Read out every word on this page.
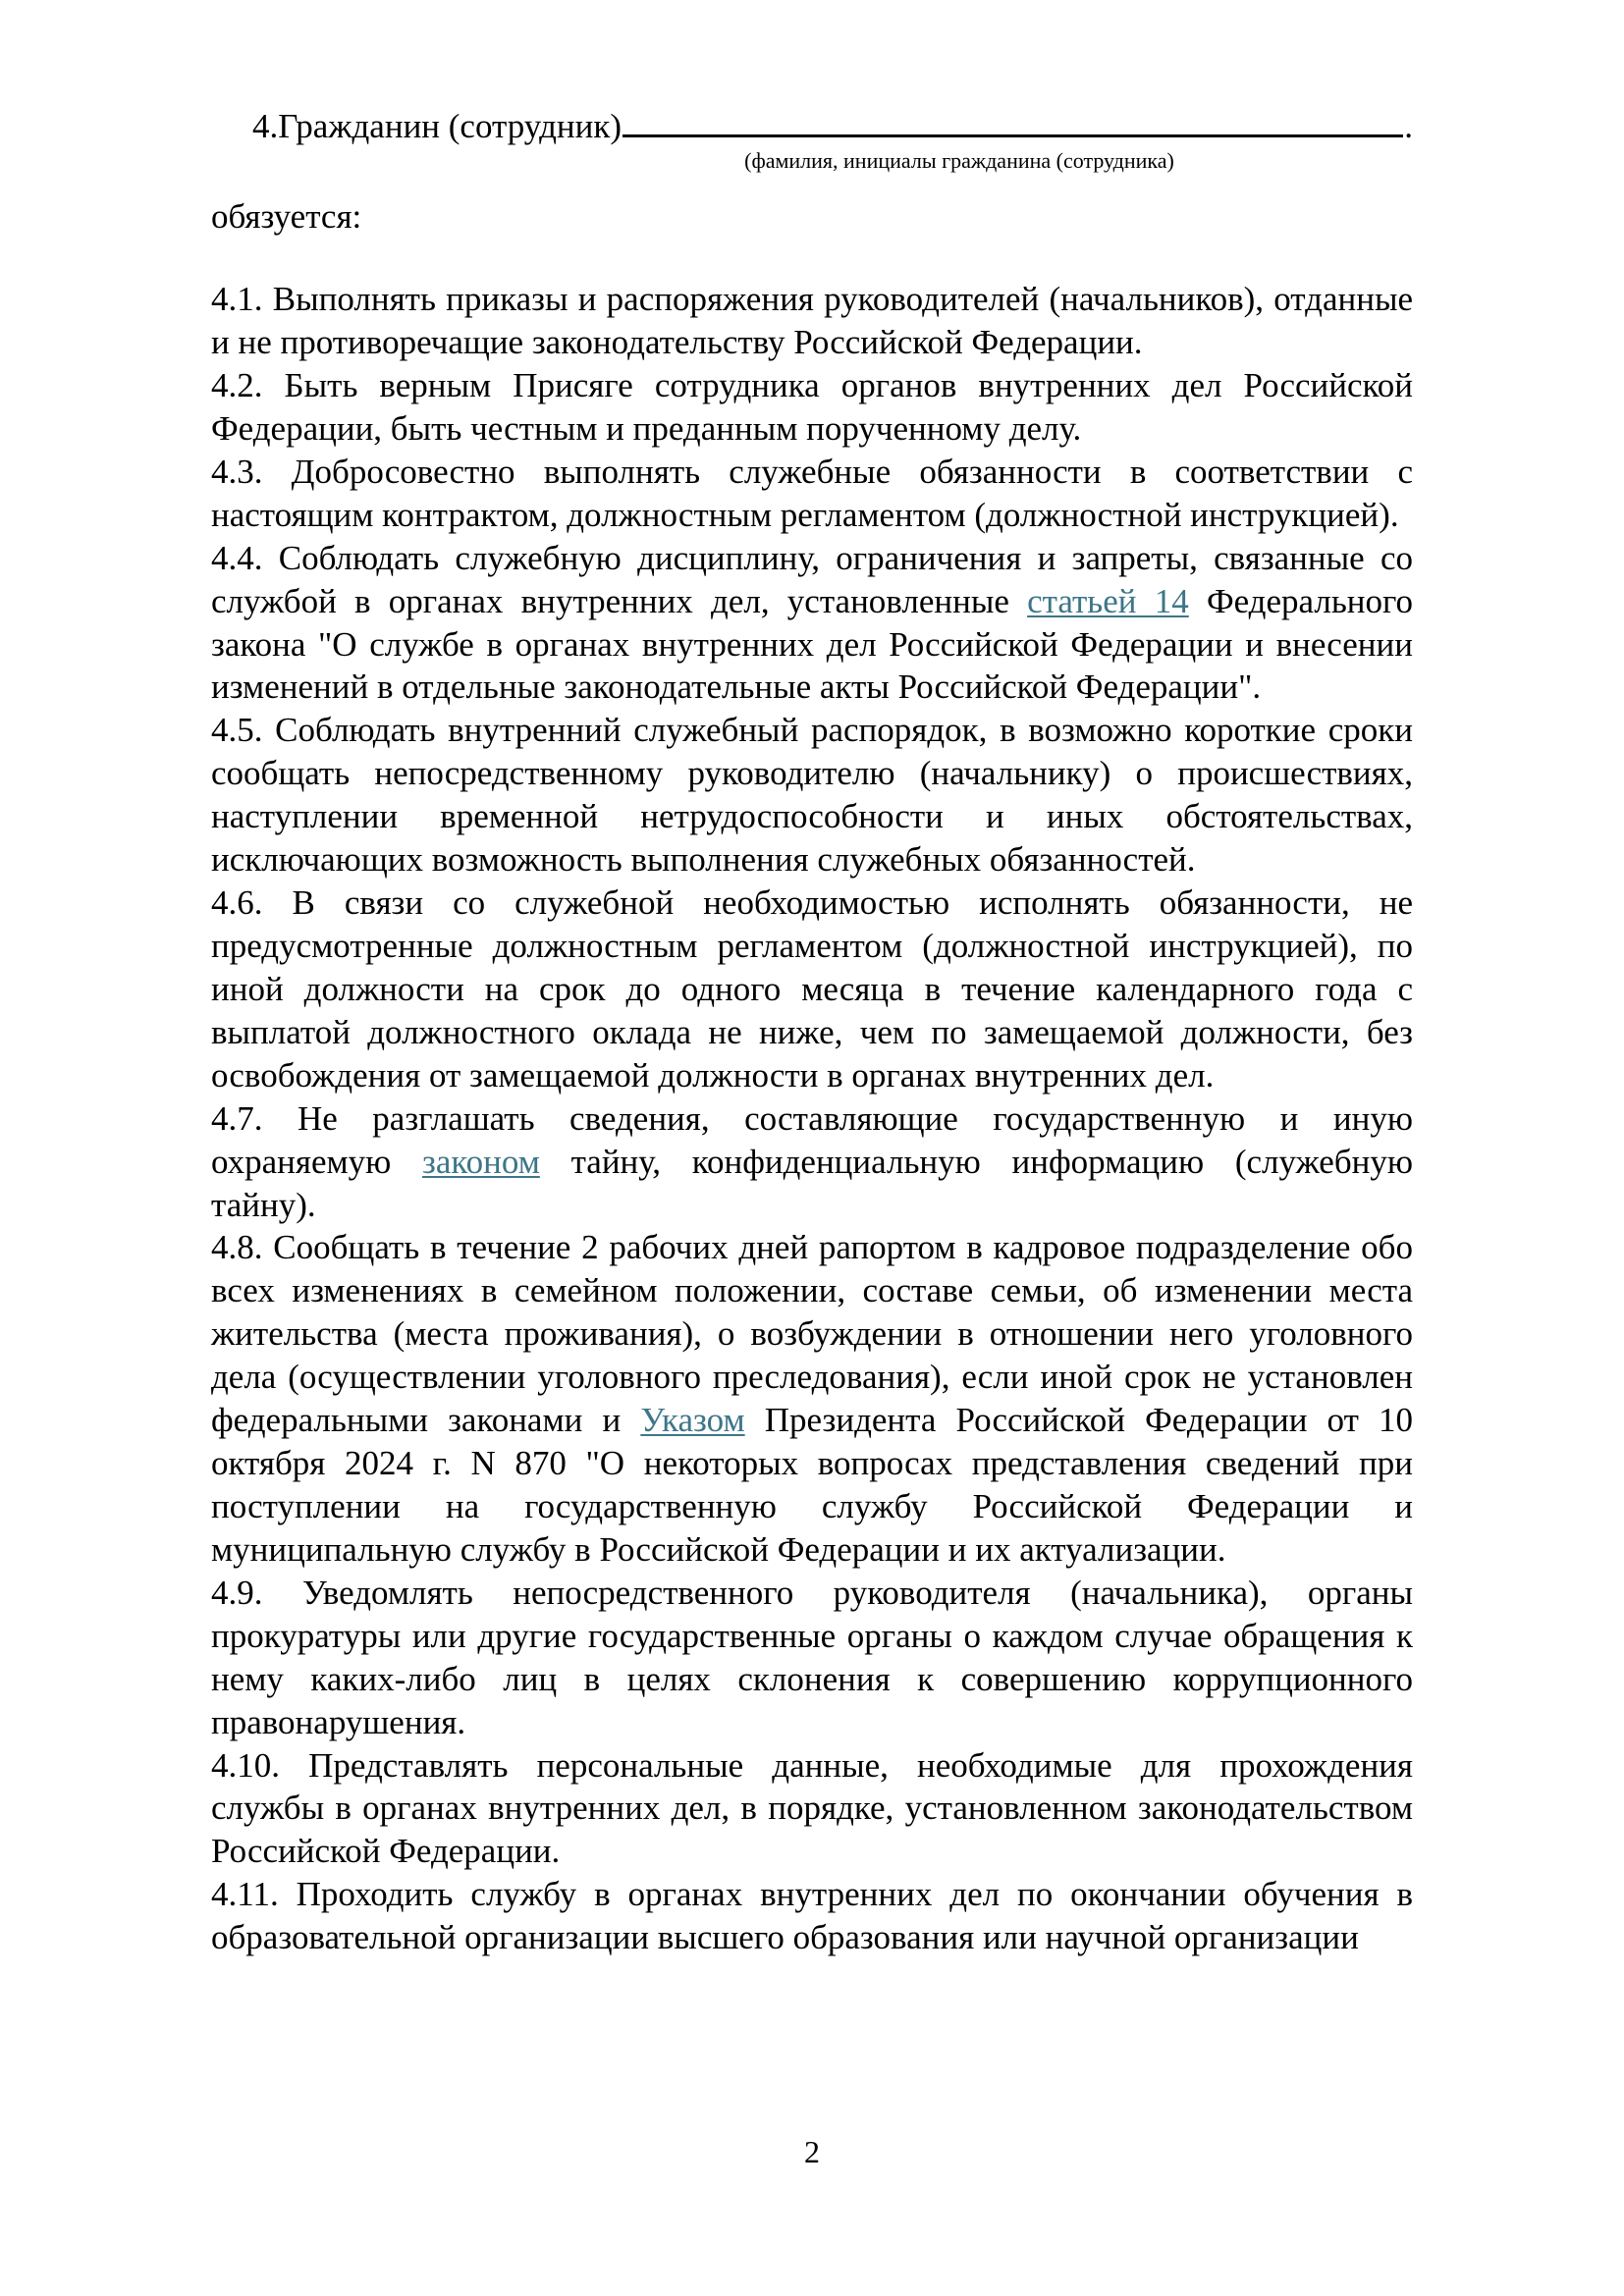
4.Гражданин (сотрудник)	.
(фамилия, инициалы гражданина (сотрудника)
обязуется:

4.1. Выполнять приказы и распоряжения руководителей (начальников), отданные и не противоречащие законодательству Российской Федерации.

4.2. Быть верным Присяге сотрудника органов внутренних дел Российской Федерации, быть честным и преданным порученному делу.

4.3. Добросовестно выполнять служебные обязанности в соответствии с настоящим контрактом, должностным регламентом (должностной инструкцией).

4.4. Соблюдать служебную дисциплину, ограничения и запреты, связанные со службой в органах внутренних дел, установленные статьей 14 Федерального закона "О службе в органах внутренних дел Российской Федерации и внесении изменений в отдельные законодательные акты Российской Федерации".

4.5. Соблюдать внутренний служебный распорядок, в возможно короткие сроки сообщать непосредственному руководителю (начальнику) о происшествиях, наступлении временной нетрудоспособности и иных обстоятельствах, исключающих возможность выполнения служебных обязанностей.

4.6. В связи со служебной необходимостью исполнять обязанности, не предусмотренные должностным регламентом (должностной инструкцией), по иной должности на срок до одного месяца в течение календарного года с выплатой должностного оклада не ниже, чем по замещаемой должности, без освобождения от замещаемой должности в органах внутренних дел.

4.7. Не разглашать сведения, составляющие государственную и иную охраняемую законом тайну, конфиденциальную информацию (служебную тайну).

4.8. Сообщать в течение 2 рабочих дней рапортом в кадровое подразделение обо всех изменениях в семейном положении, составе семьи, об изменении места жительства (места проживания), о возбуждении в отношении него уголовного дела (осуществлении уголовного преследования), если иной срок не установлен федеральными законами и Указом Президента Российской Федерации от 10 октября 2024 г. N 870 "О некоторых вопросах представления сведений при поступлении на государственную службу Российской Федерации и муниципальную службу в Российской Федерации и их актуализации.

4.9. Уведомлять непосредственного руководителя (начальника), органы прокуратуры или другие государственные органы о каждом случае обращения к нему каких-либо лиц в целях склонения к совершению коррупционного правонарушения.

4.10. Представлять персональные данные, необходимые для прохождения службы в органах внутренних дел, в порядке, установленном законодательством Российской Федерации.

4.11. Проходить службу в органах внутренних дел по окончании обучения в образовательной организации высшего образования или научной организации

2
